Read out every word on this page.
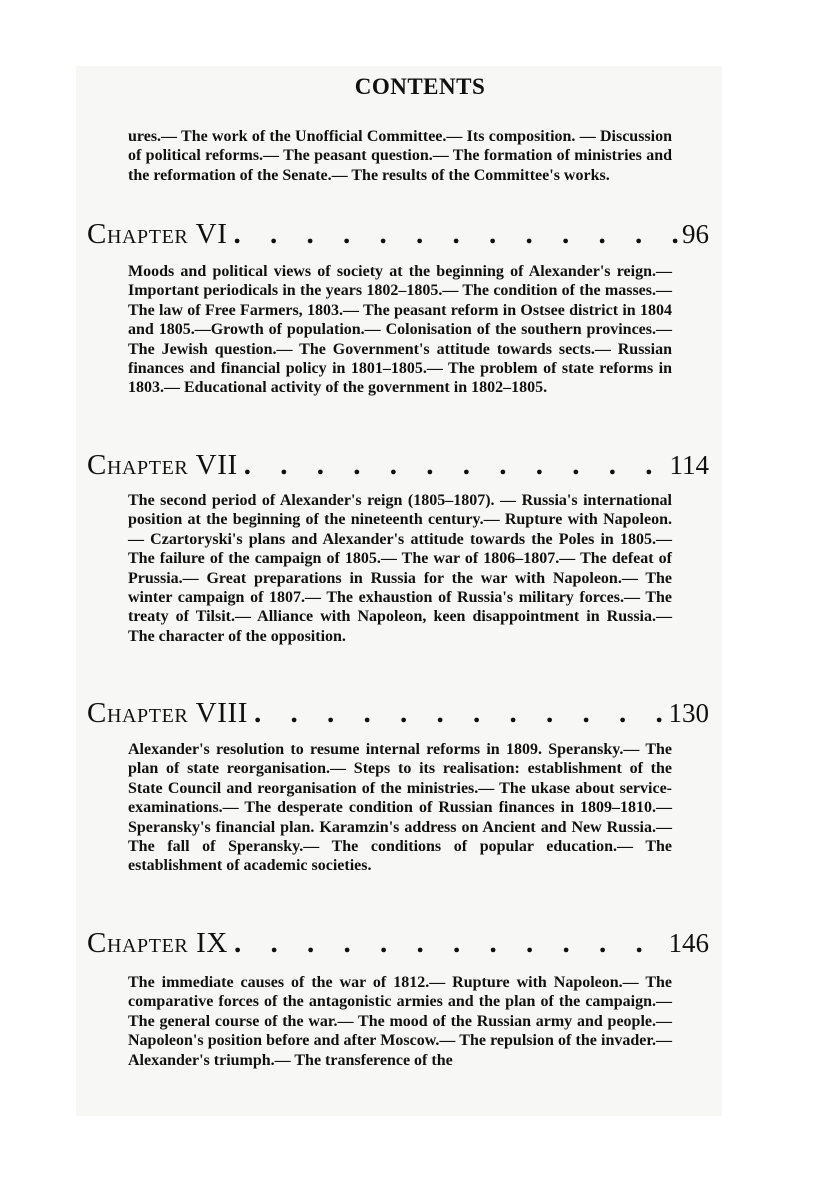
CONTENTS

ures.— The work of the Unofficial Committee.— Its composition. — Discussion of political reforms.— The peasant question.— The formation of ministries and the reformation of the Senate.— The results of the Committee's works.

Chapter VI . . .	96

Moods and political views of society at the beginning of Alexander's reign.— Important periodicals in the years 1802–1805.— The condition of the masses.— The law of Free Farmers, 1803.— The peasant reform in Ostsee district in 1804 and 1805.—Growth of population.— Colonisation of the southern provinces.— The Jewish question.— The Government's attitude towards sects.— Russian finances and financial policy in 1801–1805.— The problem of state reforms in 1803.— Educational activity of the government in 1802–1805.

Chapter VII . . .	114

The second period of Alexander's reign (1805–1807). — Russia's international position at the beginning of the nineteenth century.— Rupture with Napoleon.— Czartoryski's plans and Alexander's attitude towards the Poles in 1805.— The failure of the campaign of 1805.— The war of 1806–1807.— The defeat of Prussia.— Great preparations in Russia for the war with Napoleon.— The winter campaign of 1807.— The exhaustion of Russia's military forces.— The treaty of Tilsit.— Alliance with Napoleon, keen disappointment in Russia.— The character of the opposition.

Chapter VIII . . .	130

Alexander's resolution to resume internal reforms in 1809. Speransky.— The plan of state reorganisation.— Steps to its realisation: establishment of the State Council and reorganisation of the ministries.— The ukase about service-examinations.— The desperate condition of Russian finances in 1809–1810.— Speransky's financial plan. Karamzin's address on Ancient and New Russia.— The fall of Speransky.— The conditions of popular education.— The establishment of academic societies.

Chapter IX . . .	146

The immediate causes of the war of 1812.— Rupture with Napoleon.— The comparative forces of the antagonistic armies and the plan of the campaign.— The general course of the war.— The mood of the Russian army and people.— Napoleon's position before and after Moscow.— The repulsion of the invader.— Alexander's triumph.— The transference of the
